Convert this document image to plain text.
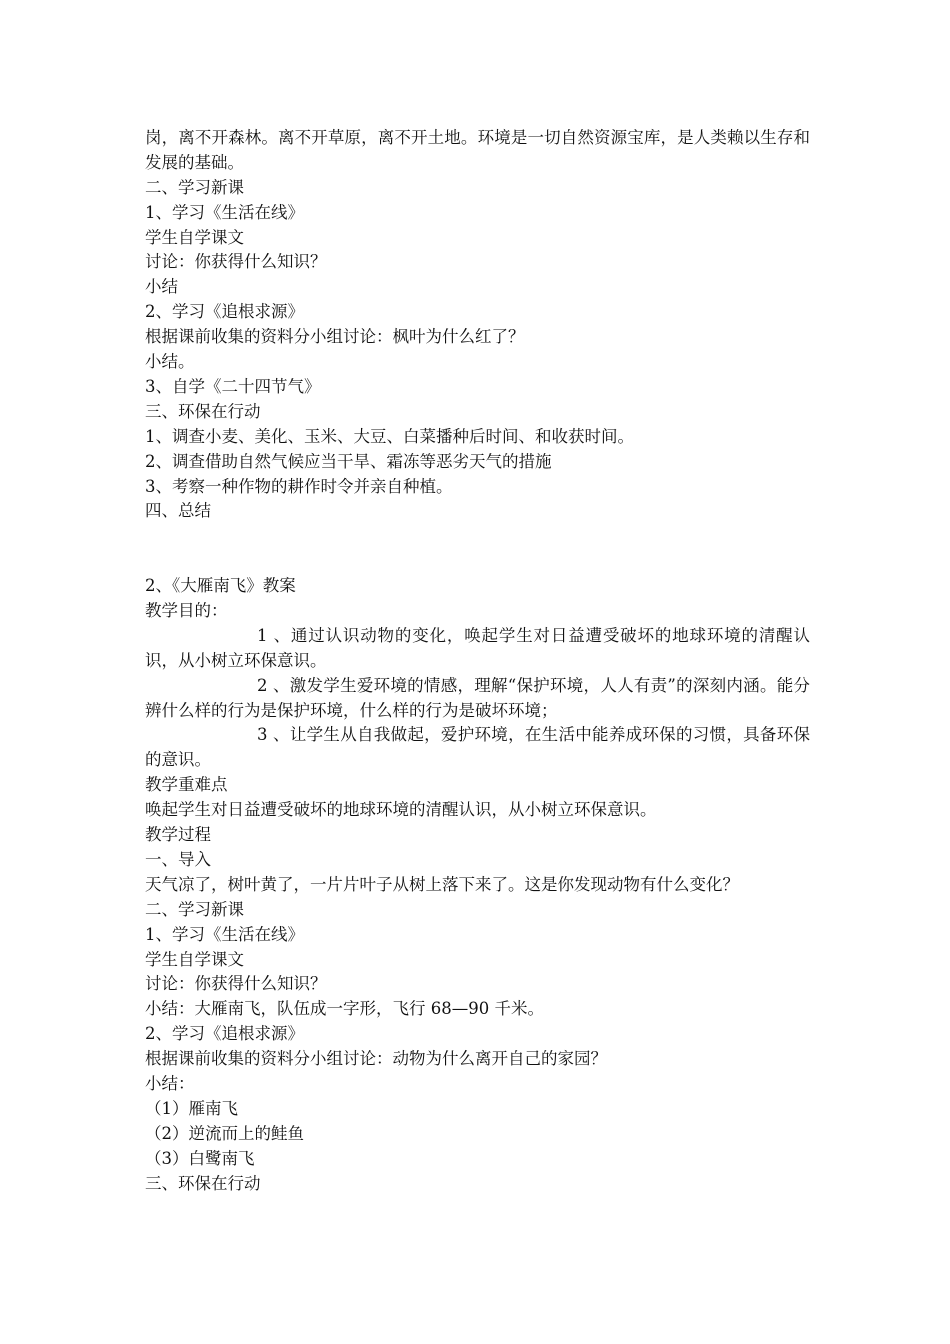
岗，离不开森林。离不开草原，离不开土地。环境是一切自然资源宝库，是人类赖以生存和发展的基础。
二、学习新课
1、学习《生活在线》
学生自学课文
讨论：你获得什么知识？
小结
2、学习《追根求源》
根据课前收集的资料分小组讨论：枫叶为什么红了？
小结。
3、自学《二十四节气》
三、环保在行动
1、调查小麦、美化、玉米、大豆、白菜播种后时间、和收获时间。
2、调查借助自然气候应当干旱、霜冻等恶劣天气的措施
3、考察一种作物的耕作时令并亲自种植。
四、总结
2、《大雁南飞》教案
教学目的：
1 、通过认识动物的变化，唤起学生对日益遭受破坏的地球环境的清醒认识，从小树立环保意识。
2 、激发学生爱环境的情感，理解“保护环境，人人有责”的深刻内涵。能分辨什么样的行为是保护环境，什么样的行为是破坏环境；
3 、让学生从自我做起，爱护环境，在生活中能养成环保的习惯，具备环保的意识。
教学重难点
唤起学生对日益遭受破坏的地球环境的清醒认识，从小树立环保意识。
教学过程
一、导入
天气凉了，树叶黄了，一片片叶子从树上落下来了。这是你发现动物有什么变化？
二、学习新课
1、学习《生活在线》
学生自学课文
讨论：你获得什么知识？
小结：大雁南飞，队伍成一字形，飞行 68—90 千米。
2、学习《追根求源》
根据课前收集的资料分小组讨论：动物为什么离开自己的家园？
小结：
（1）雁南飞
（2）逆流而上的鲑鱼
（3）白鹭南飞
三、环保在行动
